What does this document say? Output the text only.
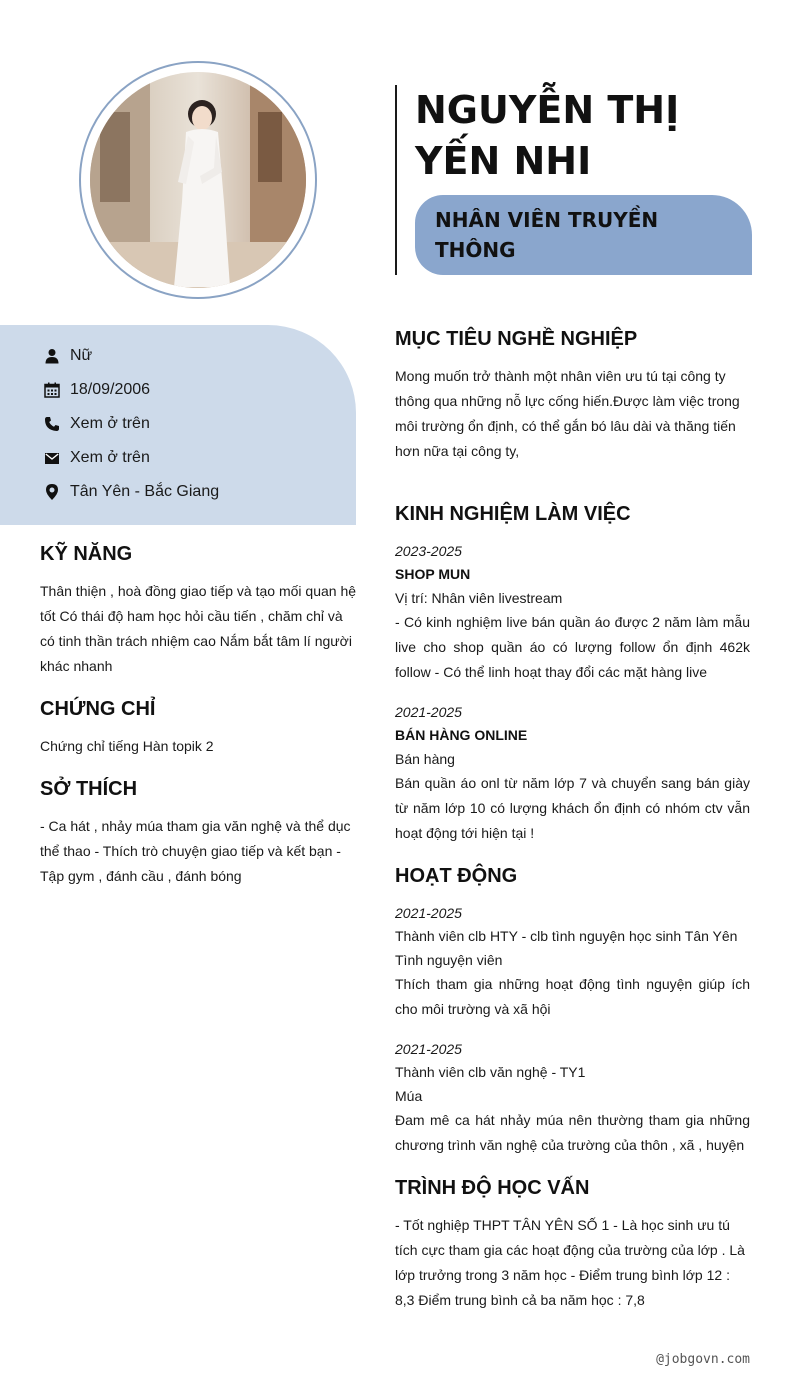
NGUYỄN THỊ YẾN NHI
NHÂN VIÊN TRUYỀN THÔNG
Nữ
18/09/2006
Xem ở trên
Xem ở trên
Tân Yên - Bắc Giang
KỸ NĂNG
Thân thiện , hoà đồng giao tiếp và tạo mối quan hệ tốt Có thái độ ham học hỏi cầu tiến , chăm chỉ và có tinh thần trách nhiệm cao Nắm bắt tâm lí người khác nhanh
CHỨNG CHỈ
Chứng chỉ tiếng Hàn topik 2
SỞ THÍCH
- Ca hát , nhảy múa tham gia văn nghệ và thể dục thể thao - Thích trò chuyện giao tiếp và kết bạn - Tập gym , đánh cầu , đánh bóng
MỤC TIÊU NGHỀ NGHIỆP
Mong muốn trở thành một nhân viên ưu tú tại công ty thông qua những nỗ lực cống hiến.Được làm việc trong môi trường ổn định, có thể gắn bó lâu dài và thăng tiến hơn nữa tại công ty,
KINH NGHIỆM LÀM VIỆC
2023-2025
SHOP MUN
Vị trí: Nhân viên livestream
- Có kinh nghiệm live bán quần áo được 2 năm làm mẫu live cho shop quần áo có lượng follow ổn định 462k follow - Có thể linh hoạt thay đổi các mặt hàng live
2021-2025
BÁN HÀNG ONLINE
Bán hàng
Bán quần áo onl từ năm lớp 7 và chuyển sang bán giày từ năm lớp 10 có lượng khách ổn định có nhóm ctv vẫn hoạt động tới hiện tại !
HOẠT ĐỘNG
2021-2025
Thành viên clb HTY - clb tình nguyện học sinh Tân Yên
Tình nguyện viên
Thích tham gia những hoạt động tình nguyện giúp ích cho môi trường và xã hội
2021-2025
Thành viên clb văn nghệ - TY1
Múa
Đam mê ca hát nhảy múa nên thường tham gia những chương trình văn nghệ của trường của thôn , xã , huyện
TRÌNH ĐỘ HỌC VẤN
- Tốt nghiệp THPT TÂN YÊN SỐ 1 - Là học sinh ưu tú tích cực tham gia các hoạt động của trường của lớp . Là lớp trưởng trong 3 năm học - Điểm trung bình lớp 12 : 8,3 Điểm trung bình cả ba năm học : 7,8
@jobgovn.com
